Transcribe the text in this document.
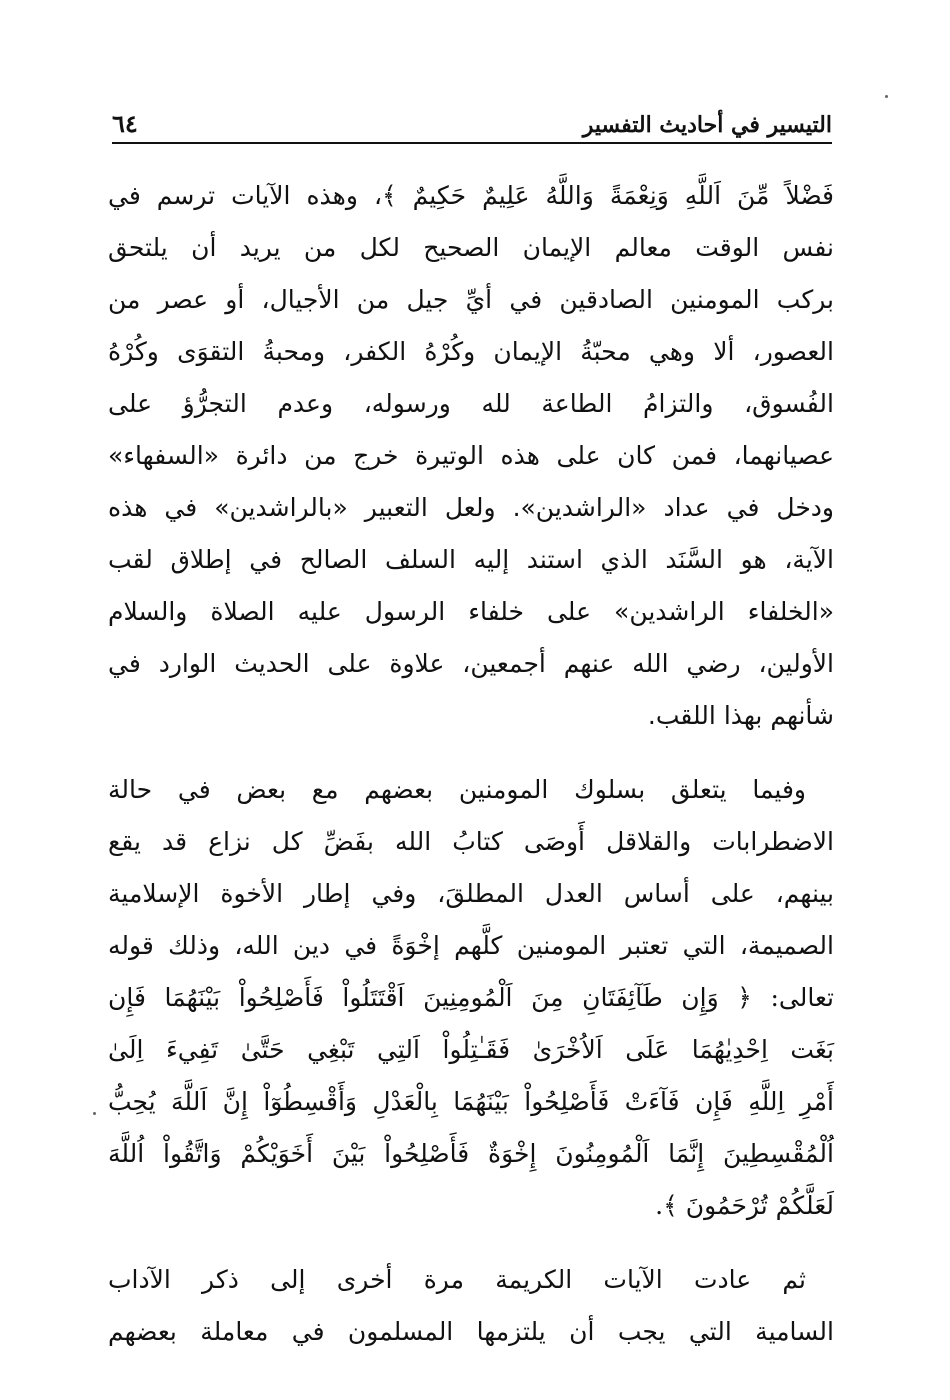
التيسير في أحاديث التفسير
٦٤
فَضْلاً مِّنَ اَللَّهِ وَنِعْمَةً وَاللَّهُ عَلِيمٌ حَكِيمٌ ﴾، وهذه الآيات ترسم في
نفس الوقت معالم الإيمان الصحيح لكل من يريد أن يلتحق
بركب المومنين الصادقين في أيِّ جيل من الأجيال، أو عصر من
العصور، ألا وهي محبّةُ الإيمان وكُرْهُ الكفر، ومحبةُ التقوَى وكُرْهُ
الفُسوق، والتزامُ الطاعة لله ورسوله، وعدم التجرُّؤ على
عصيانهما، فمن كان على هذه الوتيرة خرج من دائرة «السفهاء»
ودخل في عداد «الراشدين». ولعل التعبير «بالراشدين» في هذه
الآية، هو السَّنَد الذي استند إليه السلف الصالح في إطلاق لقب
«الخلفاء الراشدين» على خلفاء الرسول عليه الصلاة والسلام
الأولين، رضي الله عنهم أجمعين، علاوة على الحديث الوارد في
شأنهم بهذا اللقب.
وفيما يتعلق بسلوك المومنين بعضهم مع بعض في حالة
الاضطرابات والقلاقل أَوصَى كتابُ الله بفَضِّ كل نزاع قد يقع
بينهم، على أساس العدل المطلقَ، وفي إطار الأخوة الإسلامية
الصميمة، التي تعتبر المومنين كلَّهم إخْوَةً في دين الله، وذلك قوله
تعالى: ﴿ وَإِن طَآئِفَتَانِ مِنَ اَلْمُومِنِينَ اَقْتَتَلُواْ فَأَصْلِحُواْ بَيْنَهُمَا فَإِن
بَغَت اِحْدِيٰهُمَا عَلَى اَلاُخْرَىٰ فَقَـٰتِلُواْ اَلتِي تَبْغِي حَتَّىٰ تَفِيءَ اِلَىٰ
أَمْرِ اِللَّهِ فَإِن فَآءَتْ فَأَصْلِحُواْ بَيْنَهُمَا بِالْعَدْلِ وَأَقْسِطُوٓاْ إِنَّ اَللَّهَ يُحِبُّ
اُلْمُقْسِطِينَ إِنَّمَا اَلْمُومِنُونَ إِخْوَةٌ فَأَصْلِحُواْ بَيْنَ أَخَوَيْكُمْ وَاتَّقُواْ اُللَّهَ
لَعَلَّكُمْ تُرْحَمُونَ ﴾.
ثم عادت الآيات الكريمة مرة أخرى إلى ذكر الآداب
السامية التي يجب أن يلتزمها المسلمون في معاملة بعضهم
